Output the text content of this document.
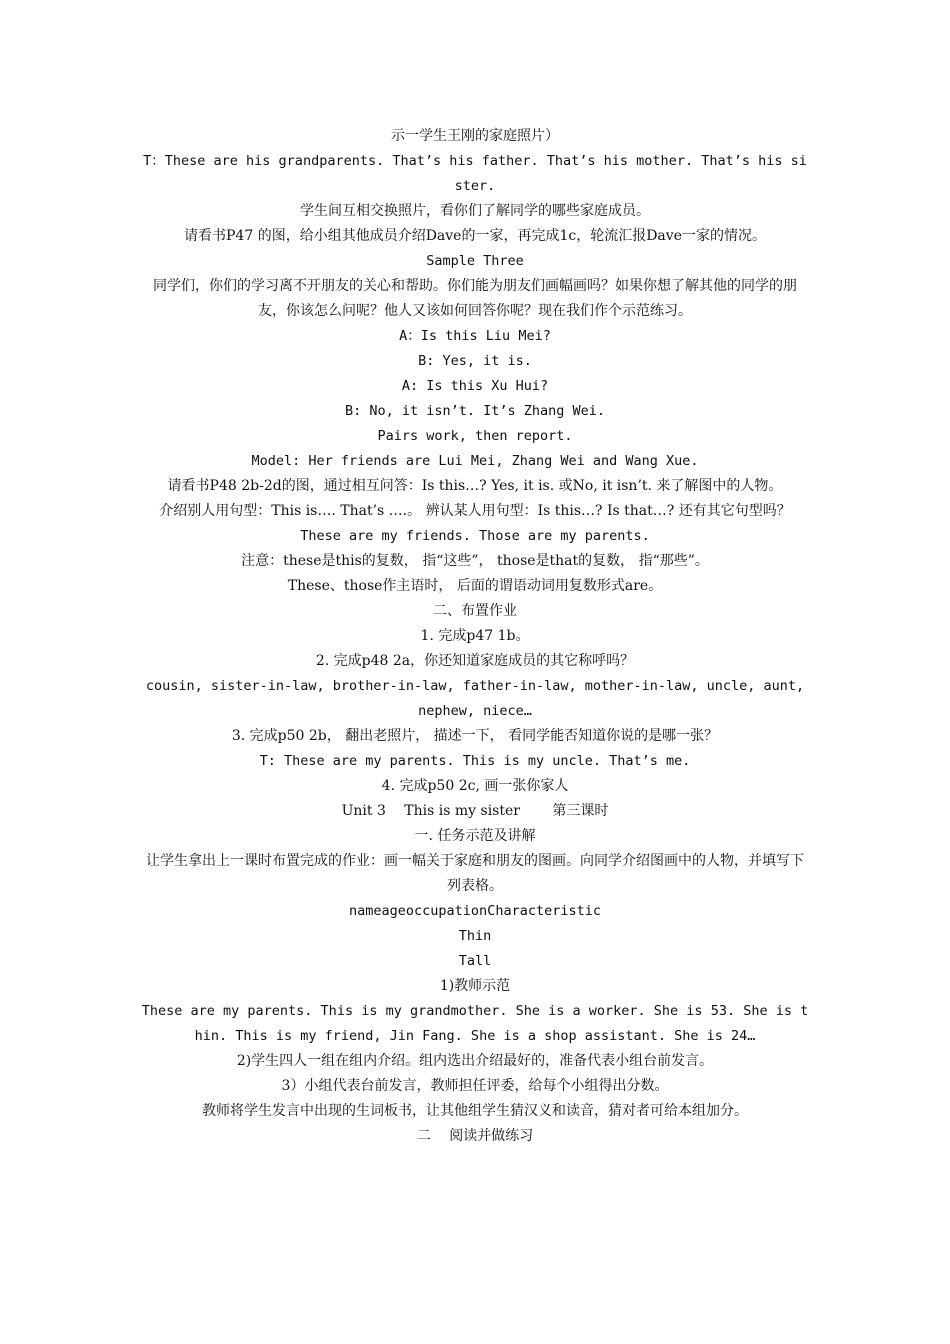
示一学生王刚的家庭照片）
T：These are his grandparents. That’s his father. That’s his mother. That’s his sister.
学生间互相交换照片，看你们了解同学的哪些家庭成员。
请看书P47 的图，给小组其他成员介绍Dave的一家，再完成1c，轮流汇报Dave一家的情况。
Sample Three
同学们，你们的学习离不开朋友的关心和帮助。你们能为朋友们画幅画吗？如果你想了解其他的同学的朋友，你该怎么问呢？他人又该如何回答你呢？现在我们作个示范练习。
A：Is this Liu Mei?
B: Yes, it is.
A: Is this Xu Hui?
B: No, it isn’t. It’s Zhang Wei.
Pairs work, then report.
Model: Her friends are Lui Mei, Zhang Wei and Wang Xue.
请看书P48 2b-2d的图，通过相互问答：Is this…? Yes, it is. 或No, it isn’t. 来了解图中的人物。
介绍别人用句型：This is…. That’s ….。 辨认某人用句型：Is this…? Is that…? 还有其它句型吗？
These are my friends. Those are my parents.
注意：these是this的复数， 指“这些”， those是that的复数， 指“那些”。
These、those作主语时， 后面的谓语动词用复数形式are。
二、布置作业
1. 完成p47 1b。
2. 完成p48 2a，你还知道家庭成员的其它称呼吗？
cousin, sister-in-law, brother-in-law, father-in-law, mother-in-law, uncle, aunt, nephew, niece…
3. 完成p50 2b， 翻出老照片， 描述一下， 看同学能否知道你说的是哪一张？
T: These are my parents. This is my uncle. That’s me.
4. 完成p50 2c, 画一张你家人
Unit 3　 This is my sister　　 第三课时
一. 任务示范及讲解
让学生拿出上一课时布置完成的作业：画一幅关于家庭和朋友的图画。向同学介绍图画中的人物，并填写下列表格。
nameageoccupationCharacteristic
Thin
Tall
1)教师示范
These are my parents. This is my grandmother. She is a worker. She is 53. She is thin. This is my friend, Jin Fang. She is a shop assistant. She is 24…
2)学生四人一组在组内介绍。组内选出介绍最好的，准备代表小组台前发言。
3）小组代表台前发言，教师担任评委，给每个小组得出分数。
教师将学生发言中出现的生词板书，让其他组学生猜汉义和读音，猜对者可给本组加分。
二　 阅读并做练习
